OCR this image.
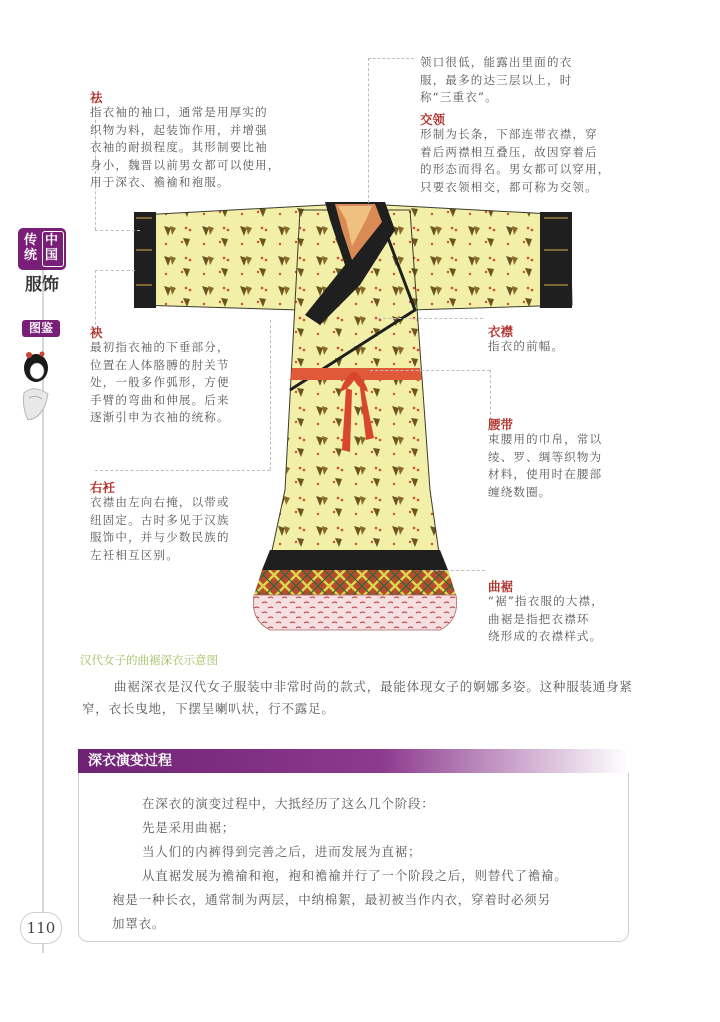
传
统
中
国
服饰
图鉴
领口很低，能露出里面的衣
服，最多的达三层以上，时
称“三重衣”。
祛
指衣袖的袖口，通常是用厚实的
织物为料，起装饰作用，并增强
衣袖的耐损程度。其形制要比袖
身小，魏晋以前男女都可以使用，
用于深衣、襜褕和袍服。
交领
形制为长条，下部连带衣襟，穿
着后两襟相互叠压，故因穿着后
的形态而得名。男女都可以穿用，
只要衣领相交，都可称为交领。
袂
最初指衣袖的下垂部分，
位置在人体胳膊的肘关节
处，一般多作弧形，方便
手臂的弯曲和伸展。后来
逐渐引申为衣袖的统称。
衣襟
指衣的前幅。
腰带
束腰用的巾帛，常以
绫、罗、绸等织物为
材料，使用时在腰部
缠绕数圈。
右衽
衣襟由左向右掩，以带或
纽固定。古时多见于汉族
服饰中，并与少数民族的
左衽相互区别。
曲裾
“裾”指衣服的大襟，
曲裾是指把衣襟环
绕形成的衣襟样式。
汉代女子的曲裾深衣示意图
曲裾深衣是汉代女子服装中非常时尚的款式，最能体现女子的婀娜多姿。这种服装通身紧窄，衣长曳地，下摆呈喇叭状，行不露足。
深衣演变过程
在深衣的演变过程中，大抵经历了这么几个阶段：
先是采用曲裾；
当人们的内裤得到完善之后，进而发展为直裾；
从直裾发展为襜褕和袍，袍和襜褕并行了一个阶段之后，则替代了襜褕。
袍是一种长衣，通常制为两层，中纳棉絮，最初被当作内衣，穿着时必须另
加罩衣。
110
